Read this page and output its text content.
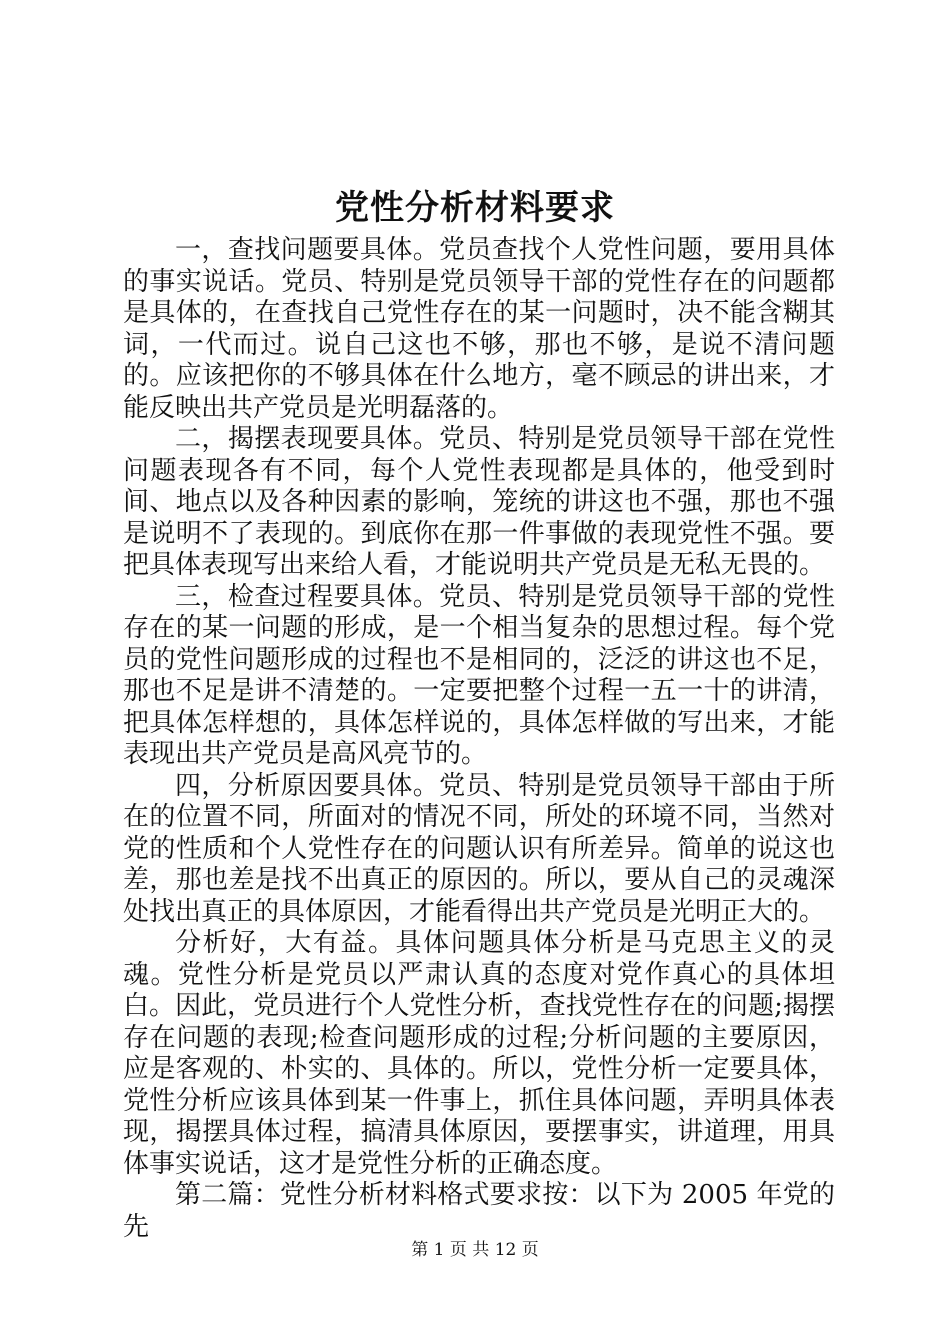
党性分析材料要求

一，查找问题要具体。党员查找个人党性问题，要用具体的事实说话。党员、特别是党员领导干部的党性存在的问题都是具体的，在查找自己党性存在的某一问题时，决不能含糊其词，一代而过。说自己这也不够，那也不够，是说不清问题的。应该把你的不够具体在什么地方，毫不顾忌的讲出来，才能反映出共产党员是光明磊落的。

二，揭摆表现要具体。党员、特别是党员领导干部在党性问题表现各有不同，每个人党性表现都是具体的，他受到时间、地点以及各种因素的影响，笼统的讲这也不强，那也不强是说明不了表现的。到底你在那一件事做的表现党性不强。要把具体表现写出来给人看，才能说明共产党员是无私无畏的。

三，检查过程要具体。党员、特别是党员领导干部的党性存在的某一问题的形成，是一个相当复杂的思想过程。每个党员的党性问题形成的过程也不是相同的，泛泛的讲这也不足，那也不足是讲不清楚的。一定要把整个过程一五一十的讲清，把具体怎样想的，具体怎样说的，具体怎样做的写出来，才能表现出共产党员是高风亮节的。

四，分析原因要具体。党员、特别是党员领导干部由于所在的位置不同，所面对的情况不同，所处的环境不同，当然对党的性质和个人党性存在的问题认识有所差异。简单的说这也差，那也差是找不出真正的原因的。所以，要从自己的灵魂深处找出真正的具体原因，才能看得出共产党员是光明正大的。

分析好，大有益。具体问题具体分析是马克思主义的灵魂。党性分析是党员以严肃认真的态度对党作真心的具体坦白。因此，党员进行个人党性分析，查找党性存在的问题;揭摆存在问题的表现;检查问题形成的过程;分析问题的主要原因，应是客观的、朴实的、具体的。所以，党性分析一定要具体，党性分析应该具体到某一件事上，抓住具体问题，弄明具体表现，揭摆具体过程，搞清具体原因，要摆事实，讲道理，用具体事实说话，这才是党性分析的正确态度。

第二篇：党性分析材料格式要求按：以下为 2005 年党的先

第 1 页 共 12 页
